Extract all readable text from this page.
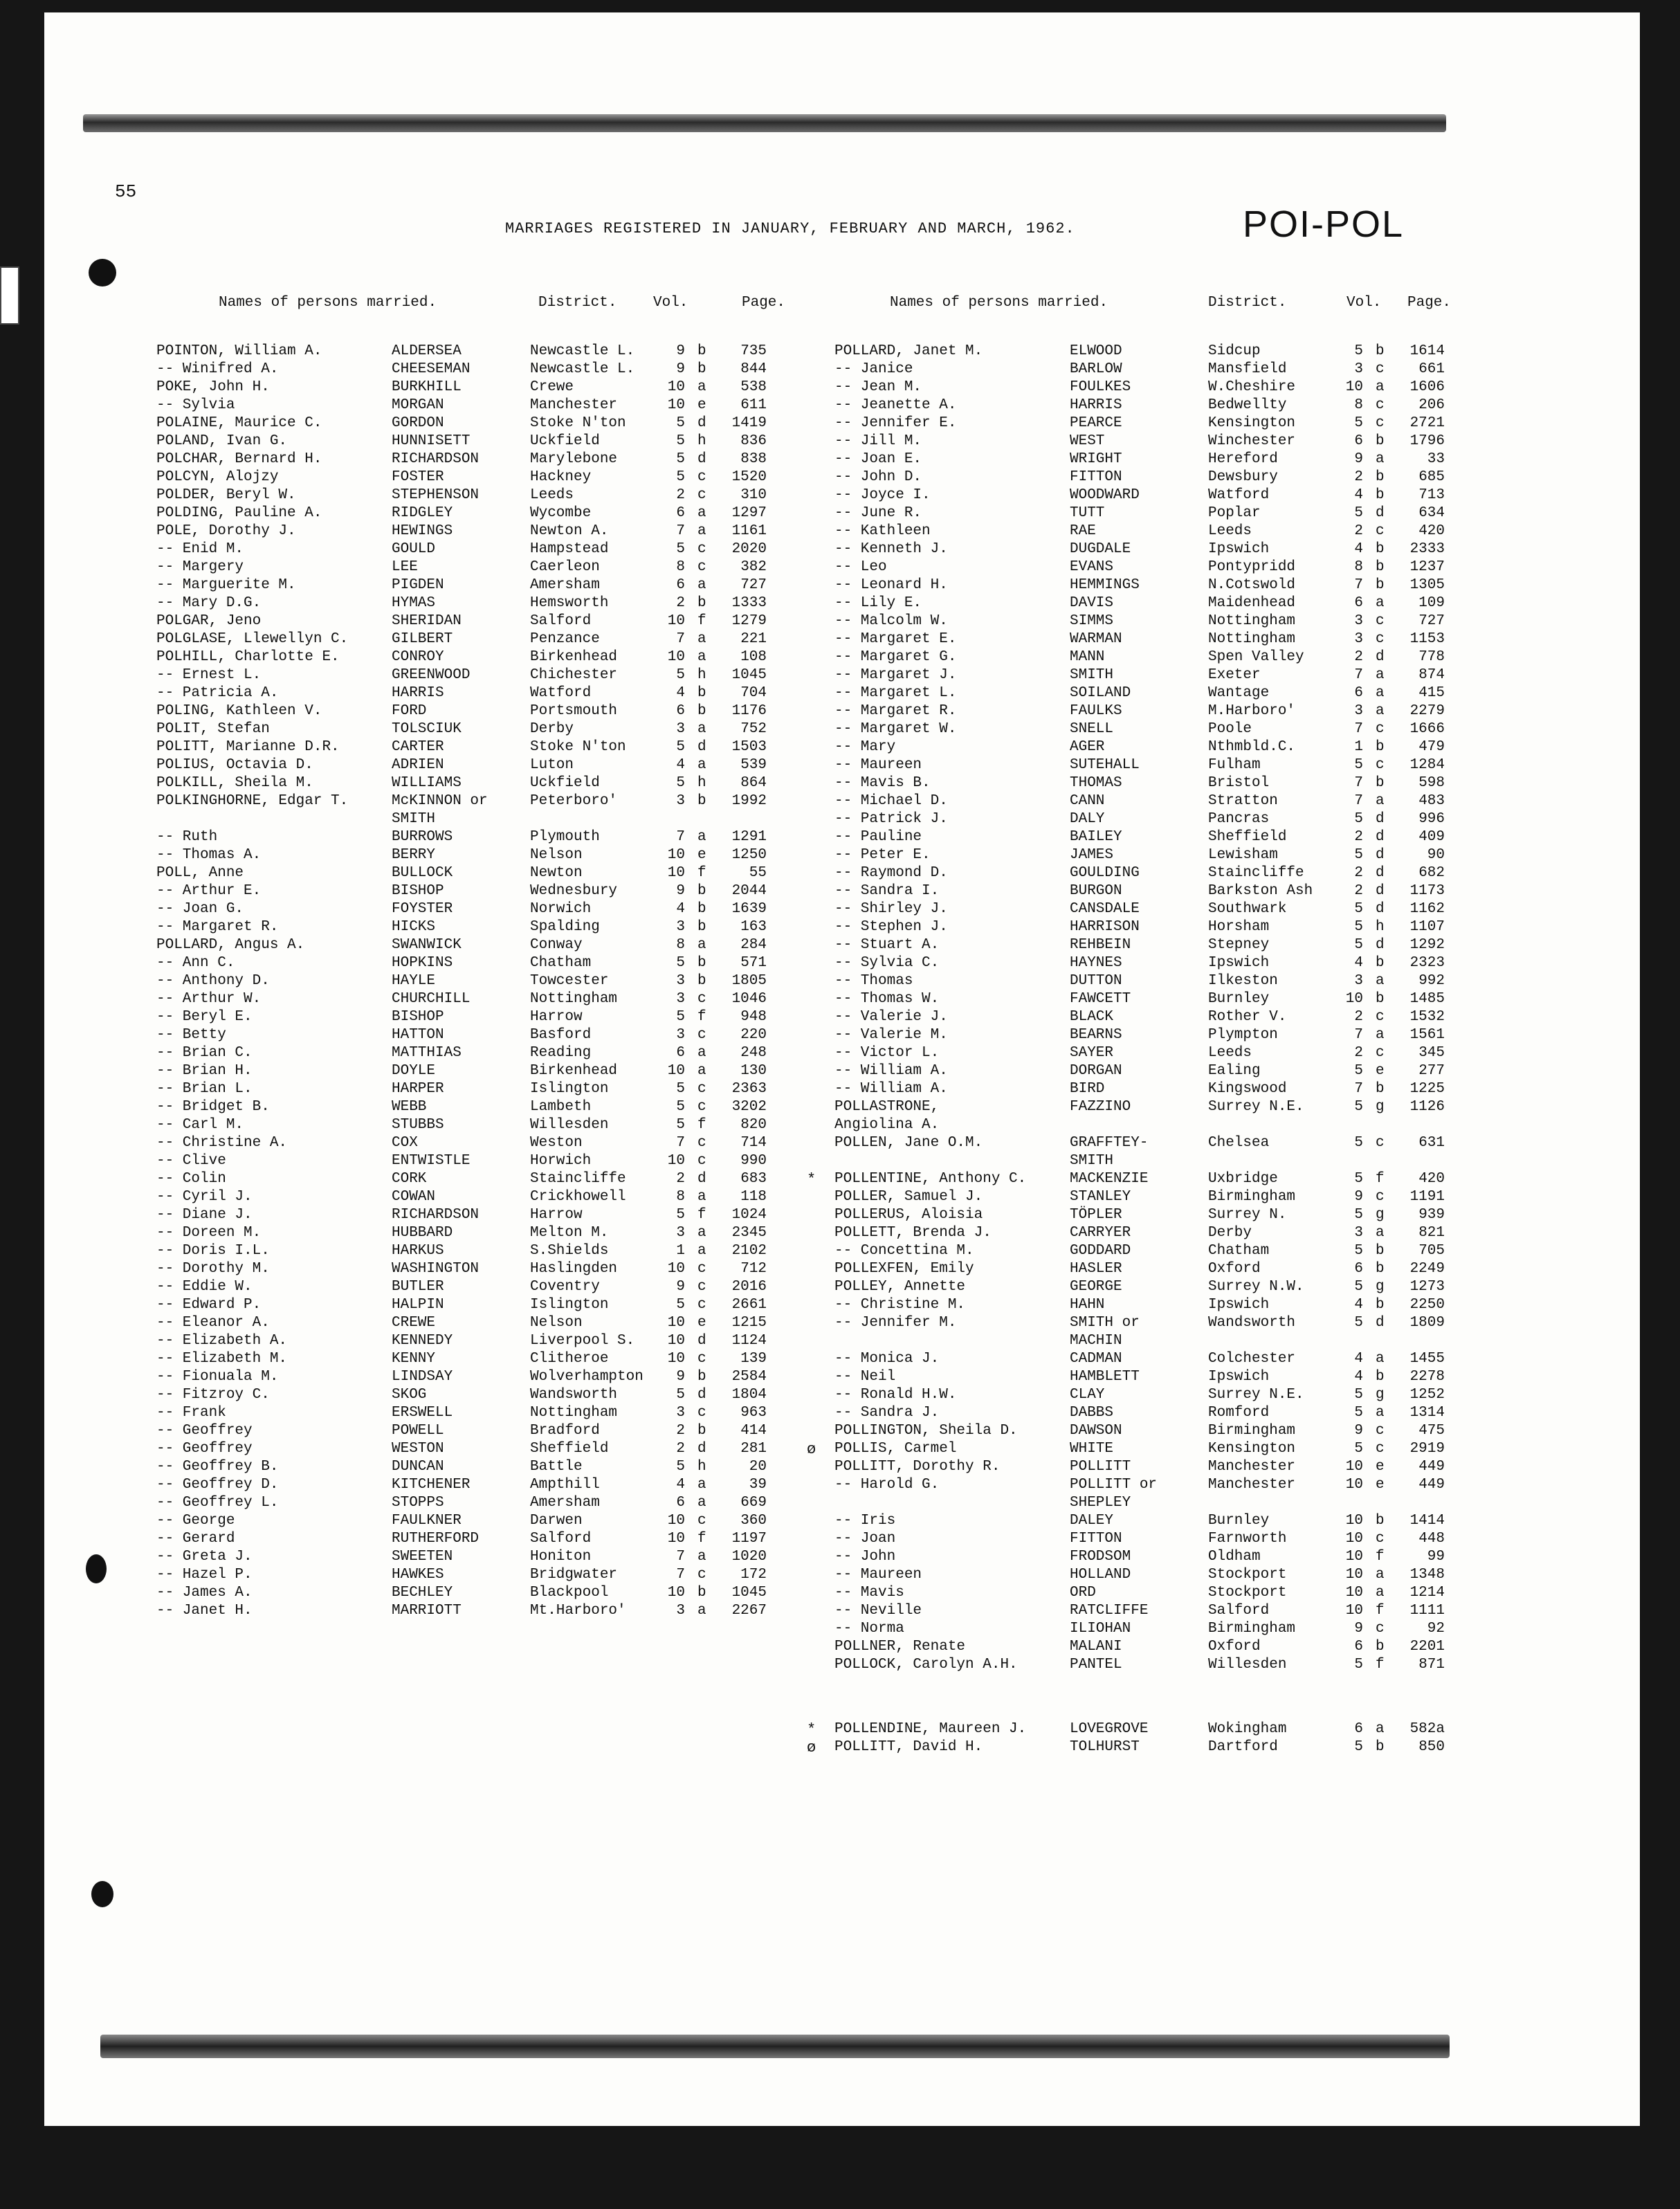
55
MARRIAGES REGISTERED IN JANUARY, FEBRUARY AND MARCH, 1962.	POI-POL
Names of persons married.	District.	Vol.	Page.
POINTON, William A.	ALDERSEA	Newcastle L.	9 b	735
-- Winifred A.	CHEESEMAN	Newcastle L.	9 b	844
POKE, John H.	BURKHILL	Crewe	10 a	538
-- Sylvia	MORGAN	Manchester	10 e	611
POLAINE, Maurice C.	GORDON	Stoke N'ton	5 d	1419
POLAND, Ivan G.	HUNNISETT	Uckfield	5 h	836
POLCHAR, Bernard H.	RICHARDSON	Marylebone	5 d	838
POLCYN, Alojzy	FOSTER	Hackney	5 c	1520
POLDER, Beryl W.	STEPHENSON	Leeds	2 c	310
POLDING, Pauline A.	RIDGLEY	Wycombe	6 a	1297
POLE, Dorothy J.	HEWINGS	Newton A.	7 a	1161
-- Enid M.	GOULD	Hampstead	5 c	2020
-- Margery	LEE	Caerleon	8 c	382
-- Marguerite M.	PIGDEN	Amersham	6 a	727
-- Mary D.G.	HYMAS	Hemsworth	2 b	1333
POLGAR, Jeno	SHERIDAN	Salford	10 f	1279
POLGLASE, Llewellyn C.	GILBERT	Penzance	7 a	221
POLHILL, Charlotte E.	CONROY	Birkenhead	10 a	108
-- Ernest L.	GREENWOOD	Chichester	5 h	1045
-- Patricia A.	HARRIS	Watford	4 b	704
POLING, Kathleen V.	FORD	Portsmouth	6 b	1176
POLIT, Stefan	TOLSCIUK	Derby	3 a	752
POLITT, Marianne D.R.	CARTER	Stoke N'ton	5 d	1503
POLIUS, Octavia D.	ADRIEN	Luton	4 a	539
POLKILL, Sheila M.	WILLIAMS	Uckfield	5 h	864
POLKINGHORNE, Edgar T.	McKINNON or	Peterboro'	3 b	1992
SMITH
-- Ruth	BURROWS	Plymouth	7 a	1291
-- Thomas A.	BERRY	Nelson	10 e	1250
POLL, Anne	BULLOCK	Newton	10 f	55
-- Arthur E.	BISHOP	Wednesbury	9 b	2044
-- Joan G.	FOYSTER	Norwich	4 b	1639
-- Margaret R.	HICKS	Spalding	3 b	163
POLLARD, Angus A.	SWANWICK	Conway	8 a	284
-- Ann C.	HOPKINS	Chatham	5 b	571
-- Anthony D.	HAYLE	Towcester	3 b	1805
-- Arthur W.	CHURCHILL	Nottingham	3 c	1046
-- Beryl E.	BISHOP	Harrow	5 f	948
-- Betty	HATTON	Basford	3 c	220
-- Brian C.	MATTHIAS	Reading	6 a	248
-- Brian H.	DOYLE	Birkenhead	10 a	130
-- Brian L.	HARPER	Islington	5 c	2363
-- Bridget B.	WEBB	Lambeth	5 c	3202
-- Carl M.	STUBBS	Willesden	5 f	820
-- Christine A.	COX	Weston	7 c	714
-- Clive	ENTWISTLE	Horwich	10 c	990
-- Colin	CORK	Staincliffe	2 d	683
-- Cyril J.	COWAN	Crickhowell	8 a	118
-- Diane J.	RICHARDSON	Harrow	5 f	1024
-- Doreen M.	HUBBARD	Melton M.	3 a	2345
-- Doris I.L.	HARKUS	S.Shields	1 a	2102
-- Dorothy M.	WASHINGTON	Haslingden	10 c	712
-- Eddie W.	BUTLER	Coventry	9 c	2016
-- Edward P.	HALPIN	Islington	5 c	2661
-- Eleanor A.	CREWE	Nelson	10 e	1215
-- Elizabeth A.	KENNEDY	Liverpool S.	10 d	1124
-- Elizabeth M.	KENNY	Clitheroe	10 c	139
-- Fionuala M.	LINDSAY	Wolverhampton	9 b	2584
-- Fitzroy C.	SKOG	Wandsworth	5 d	1804
-- Frank	ERSWELL	Nottingham	3 c	963
-- Geoffrey	POWELL	Bradford	2 b	414
-- Geoffrey	WESTON	Sheffield	2 d	281
-- Geoffrey B.	DUNCAN	Battle	5 h	20
-- Geoffrey D.	KITCHENER	Ampthill	4 a	39
-- Geoffrey L.	STOPPS	Amersham	6 a	669
-- George	FAULKNER	Darwen	10 c	360
-- Gerard	RUTHERFORD	Salford	10 f	1197
-- Greta J.	SWEETEN	Honiton	7 a	1020
-- Hazel P.	HAWKES	Bridgwater	7 c	172
-- James A.	BECHLEY	Blackpool	10 b	1045
-- Janet H.	MARRIOTT	Mt.Harboro'	3 a	2267
Names of persons married.	District.	Vol. Page.
POLLARD, Janet M.	ELWOOD	Sidcup	5 b	1614
-- Janice	BARLOW	Mansfield	3 c	661
-- Jean M.	FOULKES	W.Cheshire	10 a	1606
-- Jeanette A.	HARRIS	Bedwellty	8 c	206
-- Jennifer E.	PEARCE	Kensington	5 c	2721
-- Jill M.	WEST	Winchester	6 b	1796
-- Joan E.	WRIGHT	Hereford	9 a	33
-- John D.	FITTON	Dewsbury	2 b	685
-- Joyce I.	WOODWARD	Watford	4 b	713
-- June R.	TUTT	Poplar	5 d	634
-- Kathleen	RAE	Leeds	2 c	420
-- Kenneth J.	DUGDALE	Ipswich	4 b	2333
-- Leo	EVANS	Pontypridd	8 b	1237
-- Leonard H.	HEMMINGS	N.Cotswold	7 b	1305
-- Lily E.	DAVIS	Maidenhead	6 a	109
-- Malcolm W.	SIMMS	Nottingham	3 c	727
-- Margaret E.	WARMAN	Nottingham	3 c	1153
-- Margaret G.	MANN	Spen Valley	2 d	778
-- Margaret J.	SMITH	Exeter	7 a	874
-- Margaret L.	SOILAND	Wantage	6 a	415
-- Margaret R.	FAULKS	M.Harboro'	3 a	2279
-- Margaret W.	SNELL	Poole	7 c	1666
-- Mary	AGER	Nthmbld.C.	1 b	479
-- Maureen	SUTEHALL	Fulham	5 c	1284
-- Mavis B.	THOMAS	Bristol	7 b	598
-- Michael D.	CANN	Stratton	7 a	483
-- Patrick J.	DALY	Pancras	5 d	996
-- Pauline	BAILEY	Sheffield	2 d	409
-- Peter E.	JAMES	Lewisham	5 d	90
-- Raymond D.	GOULDING	Staincliffe	2 d	682
-- Sandra I.	BURGON	Barkston Ash	2 d	1173
-- Shirley J.	CANSDALE	Southwark	5 d	1162
-- Stephen J.	HARRISON	Horsham	5 h	1107
-- Stuart A.	REHBEIN	Stepney	5 d	1292
-- Sylvia C.	HAYNES	Ipswich	4 b	2323
-- Thomas	DUTTON	Ilkeston	3 a	992
-- Thomas W.	FAWCETT	Burnley	10 b	1485
-- Valerie J.	BLACK	Rother V.	2 c	1532
-- Valerie M.	BEARNS	Plympton	7 a	1561
-- Victor L.	SAYER	Leeds	2 c	345
-- William A.	DORGAN	Ealing	5 e	277
-- William A.	BIRD	Kingswood	7 b	1225
POLLASTRONE,	FAZZINO	Surrey N.E.	5 g	1126
Angiolina A.
POLLEN, Jane O.M.	GRAFFTEY-	Chelsea	5 c	631
SMITH
* POLLENTINE, Anthony C.	MACKENZIE	Uxbridge	5 f	420
POLLER, Samuel J.	STANLEY	Birmingham	9 c	1191
POLLERUS, Aloisia	TÖPLER	Surrey N.	5 g	939
POLLETT, Brenda J.	CARRYER	Derby	3 a	821
-- Concettina M.	GODDARD	Chatham	5 b	705
POLLEXFEN, Emily	HASLER	Oxford	6 b	2249
POLLEY, Annette	GEORGE	Surrey N.W.	5 g	1273
-- Christine M.	HAHN	Ipswich	4 b	2250
-- Jennifer M.	SMITH or	Wandsworth	5 d	1809
MACHIN
-- Monica J.	CADMAN	Colchester	4 a	1455
-- Neil	HAMBLETT	Ipswich	4 b	2278
-- Ronald H.W.	CLAY	Surrey N.E.	5 g	1252
-- Sandra J.	DABBS	Romford	5 a	1314
POLLINGTON, Sheila D.	DAWSON	Birmingham	9 c	475
ø POLLIS, Carmel	WHITE	Kensington	5 c	2919
POLLITT, Dorothy R.	POLLITT	Manchester	10 e	449
-- Harold G.	POLLITT or	Manchester	10 e	449
SHEPLEY
-- Iris	DALEY	Burnley	10 b	1414
-- Joan	FITTON	Farnworth	10 c	448
-- John	FRODSOM	Oldham	10 f	99
-- Maureen	HOLLAND	Stockport	10 a	1348
-- Mavis	ORD	Stockport	10 a	1214
-- Neville	RATCLIFFE	Salford	10 f	1111
-- Norma	ILIOHAN	Birmingham	9 c	92
POLLNER, Renate	MALANI	Oxford	6 b	2201
POLLOCK, Carolyn A.H.	PANTEL	Willesden	5 f	871
* POLLENDINE, Maureen J.	LOVEGROVE	Wokingham	6 a	582a
ø POLLITT, David H.	TOLHURST	Dartford	5 b	850
